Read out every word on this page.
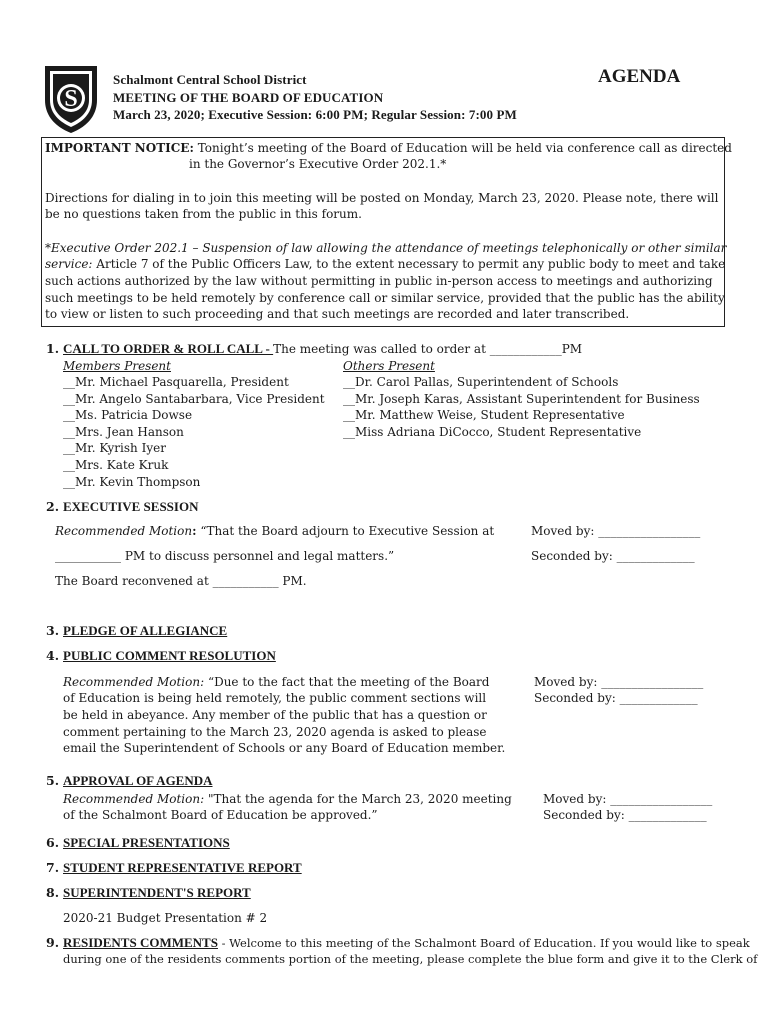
S
Schalmont Central School District
MEETING OF THE BOARD OF EDUCATION
March 23, 2020; Executive Session: 6:00 PM; Regular Session: 7:00 PM
AGENDA
IMPORTANT NOTICE: Tonight’s meeting of the Board of Education will be held via conference call as directed
in the Governor’s Executive Order 202.1.*
Directions for dialing in to join this meeting will be posted on Monday, March 23, 2020. Please note, there will
be no questions taken from the public in this forum.
*Executive Order 202.1 – Suspension of law allowing the attendance of meetings telephonically or other similar
service: Article 7 of the Public Officers Law, to the extent necessary to permit any public body to meet and take
such actions authorized by the law without permitting in public in-person access to meetings and authorizing
such meetings to be held remotely by conference call or similar service, provided that the public has the ability
to view or listen to such proceeding and that such meetings are recorded and later transcribed.
1. CALL TO ORDER & ROLL CALL - The meeting was called to order at ____________PM
Members Present	Others Present
__Mr. Michael Pasquarella, President
__Mr. Angelo Santabarbara, Vice President
__Ms. Patricia Dowse
__Mrs. Jean Hanson
__Mr. Kyrish Iyer
__Mrs. Kate Kruk
__Mr. Kevin Thompson
__Dr. Carol Pallas, Superintendent of Schools
__Mr. Joseph Karas, Assistant Superintendent for Business
__Mr. Matthew Weise, Student Representative
__Miss Adriana DiCocco, Student Representative
2. EXECUTIVE SESSION
Recommended Motion: “That the Board adjourn to Executive Session at
___________ PM to discuss personnel and legal matters.”
Moved by: _________________
Seconded by: _____________
The Board reconvened at ___________ PM.
3. PLEDGE OF ALLEGIANCE
4. PUBLIC COMMENT RESOLUTION
Recommended Motion: “Due to the fact that the meeting of the Board
of Education is being held remotely, the public comment sections will
be held in abeyance. Any member of the public that has a question or
comment pertaining to the March 23, 2020 agenda is asked to please
email the Superintendent of Schools or any Board of Education member.
Moved by: _________________
Seconded by: _____________
5. APPROVAL OF AGENDA
Recommended Motion: "That the agenda for the March 23, 2020 meeting
of the Schalmont Board of Education be approved.”
Moved by: _________________
Seconded by: _____________
6. SPECIAL PRESENTATIONS
7. STUDENT REPRESENTATIVE REPORT
8. SUPERINTENDENT'S REPORT
2020-21 Budget Presentation # 2
9. RESIDENTS COMMENTS - Welcome to this meeting of the Schalmont Board of Education. If you would like to speak
during one of the residents comments portion of the meeting, please complete the blue form and give it to the Clerk of
